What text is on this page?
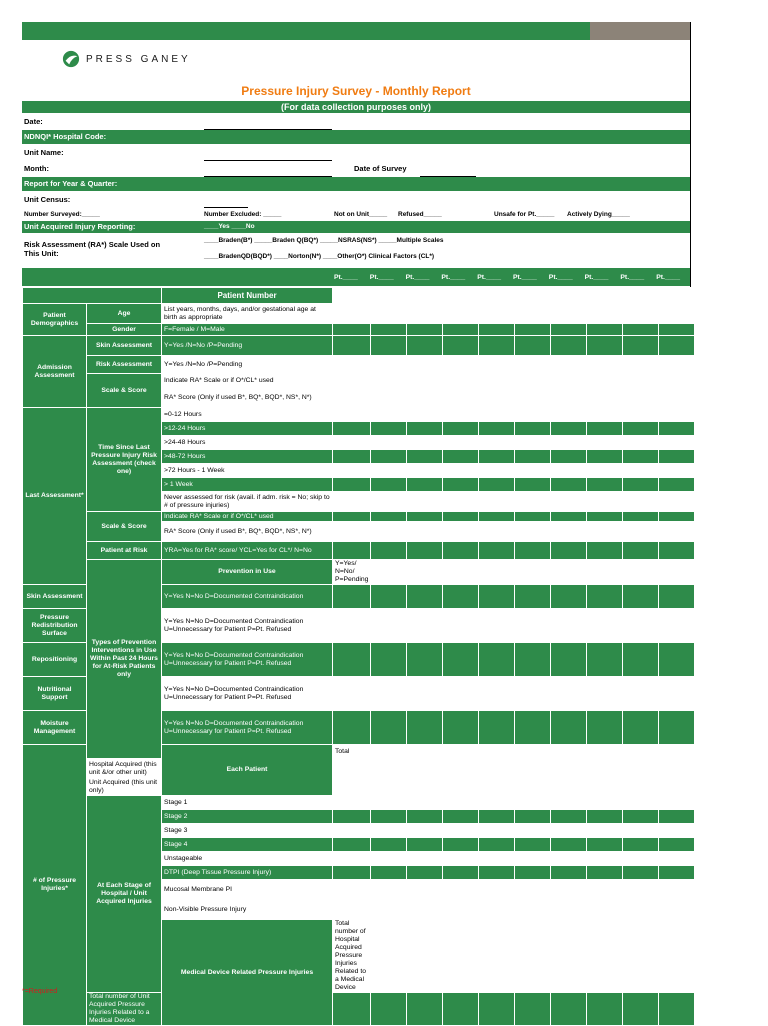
PRESS GANEY
Pressure Injury Survey - Monthly Report
(For data collection purposes only)
Date:
NDNQI* Hospital Code:
Unit Name:
Month:	Date of Survey
Report for Year & Quarter:
Unit Census:
Number Surveyed:_____	Number Excluded: _____	Not on Unit_____ Refused_____	Unsafe for Pt._____ Actively Dying_____
Unit Acquired Injury Reporting:	____Yes ____No
Risk Assessment (RA*) Scale Used on This Unit:
____Braden(B*) _____Braden Q(BQ*) _____NSRAS(NS*) _____Multiple Scales
____BradenQD(BQD*) ____Norton(N*) ____Other(O*) Clinical Factors (CL*)
Pt.____ Pt.____ Pt.____ Pt.____ Pt.____ Pt.____ Pt.____ Pt.____ Pt.____ Pt.____
		Patient Number											
Patient Demographics	Age	List years, months, days, and/or gestational age at birth as appropriate											
	Gender	F=Female / M=Male											
Admission Assessment	Skin Assessment	Y=Yes /N=No /P=Pending											
	Risk Assessment	Y=Yes /N=No /P=Pending											
	Scale & Score	Indicate RA* Scale or if O*/CL* used											
		RA* Score (Only if used B*, BQ*, BQD*, NS*, N*)											
Last Assessment*	Time Since Last Pressure Injury Risk Assessment (check one)	=0-12 Hours											
		>12-24 Hours											
		>24-48 Hours											
		>48-72 Hours											
		>72 Hours - 1 Week											
		> 1 Week											
		Never assessed for risk (avail. if adm. risk = No; skip to # of pressure injuries)											
	Scale & Score	Indicate RA* Scale or if O*/CL* used											
		RA* Score (Only if used B*, BQ*, BQD*, NS*, N*)											
	Patient at Risk	YRA=Yes for RA* score/ YCL=Yes for CL*/ N=No											
	Types of Prevention Interventions in Use Within Past 24 Hours for At-Risk Patients only	Prevention in Use	Y=Yes/ N=No/ P=Pending										
Skin Assessment		Y=Yes N=No D=Documented Contraindication											
Pressure Redistribution Surface		Y=Yes N=No D=Documented Contraindication U=Unnecessary for Patient P=Pt. Refused											
Repositioning		Y=Yes N=No D=Documented Contraindication U=Unnecessary for Patient P=Pt. Refused											
Nutritional Support		Y=Yes N=No D=Documented Contraindication U=Unnecessary for Patient P=Pt. Refused											
Moisture Management		Y=Yes N=No D=Documented Contraindication U=Unnecessary for Patient P=Pt. Refused											
# of Pressure Injuries*		Each Patient	Total	

	Hospital Acquired (this unit &/or other unit)												
	Unit Acquired (this unit only)			

	At Each Stage of Hospital / Unit Acquired Injuries	Stage 1											
		Stage 2											
		Stage 3											
		Stage 4											
		Unstageable											
		DTPI (Deep Tissue Pressure Injury)											
		Mucosal Membrane PI											
		Non-Visible Pressure Injury											
		Medical Device Related Pressure Injuries	Total number of Hospital Acquired Pressure Injuries Related to a Medical Device										
	Total number of Unit Acquired Pressure Injuries Related to a Medical Device												
*=Required
